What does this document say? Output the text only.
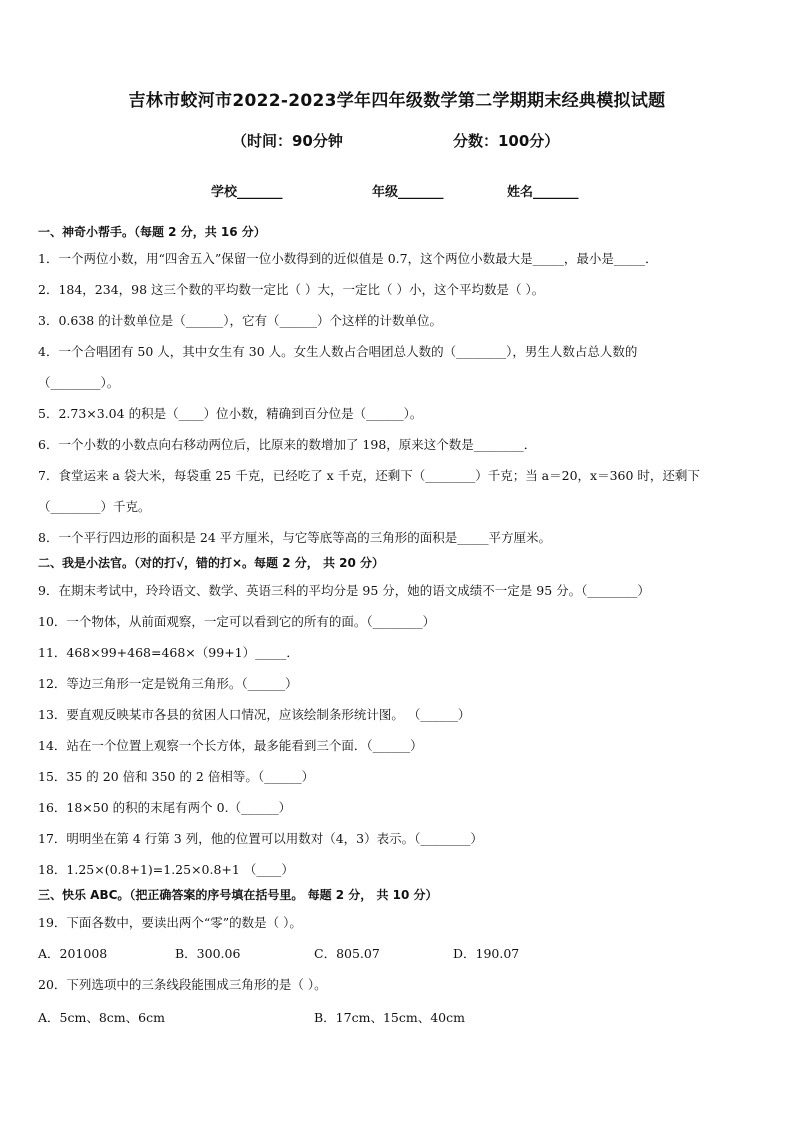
吉林市蛟河市2022-2023学年四年级数学第二学期期末经典模拟试题
（时间：90分钟	分数：100分）
学校_______	年级_______	姓名_______
一、神奇小帮手。（每题 2 分，共 16 分）
1．一个两位小数，用“四舍五入”保留一位小数得到的近似值是 0.7，这个两位小数最大是_____，最小是_____．
2．184，234，98 这三个数的平均数一定比（ ）大，一定比（ ）小，这个平均数是（ ）。
3．0.638 的计数单位是（______），它有（______）个这样的计数单位。
4．一个合唱团有 50 人，其中女生有 30 人。女生人数占合唱团总人数的（________），男生人数占总人数的
（________）。
5．2.73×3.04 的积是（____）位小数，精确到百分位是（______）。
6．一个小数的小数点向右移动两位后，比原来的数增加了 198，原来这个数是________．
7．食堂运来 a 袋大米，每袋重 25 千克，已经吃了 x 千克，还剩下（________）千克；当 a＝20，x＝360 时，还剩下
（________）千克。
8．一个平行四边形的面积是 24 平方厘米，与它等底等高的三角形的面积是_____平方厘米。
二、我是小法官。（对的打√，错的打×。每题 2 分， 共 20 分）
9．在期末考试中，玲玲语文、数学、英语三科的平均分是 95 分，她的语文成绩不一定是 95 分。（________）
10．一个物体，从前面观察，一定可以看到它的所有的面。（________）
11．468×99+468=468×（99+1）_____．
12．等边三角形一定是锐角三角形。（______）
13．要直观反映某市各县的贫困人口情况，应该绘制条形统计图。 （______）
14．站在一个位置上观察一个长方体，最多能看到三个面．（______）
15．35 的 20 倍和 350 的 2 倍相等。（______）
16．18×50 的积的末尾有两个 0.（______）
17．明明坐在第 4 行第 3 列，他的位置可以用数对（4，3）表示。（________）
18．1.25×(0.8+1)=1.25×0.8+1 （____）
三、快乐 ABC。（把正确答案的序号填在括号里。 每题 2 分， 共 10 分）
19．下面各数中，要读出两个“零”的数是（ ）。
A．201008	B．300.06	C．805.07	D．190.07
20．下列选项中的三条线段能围成三角形的是（ ）。
A．5cm、8cm、6cm	B．17cm、15cm、40cm
